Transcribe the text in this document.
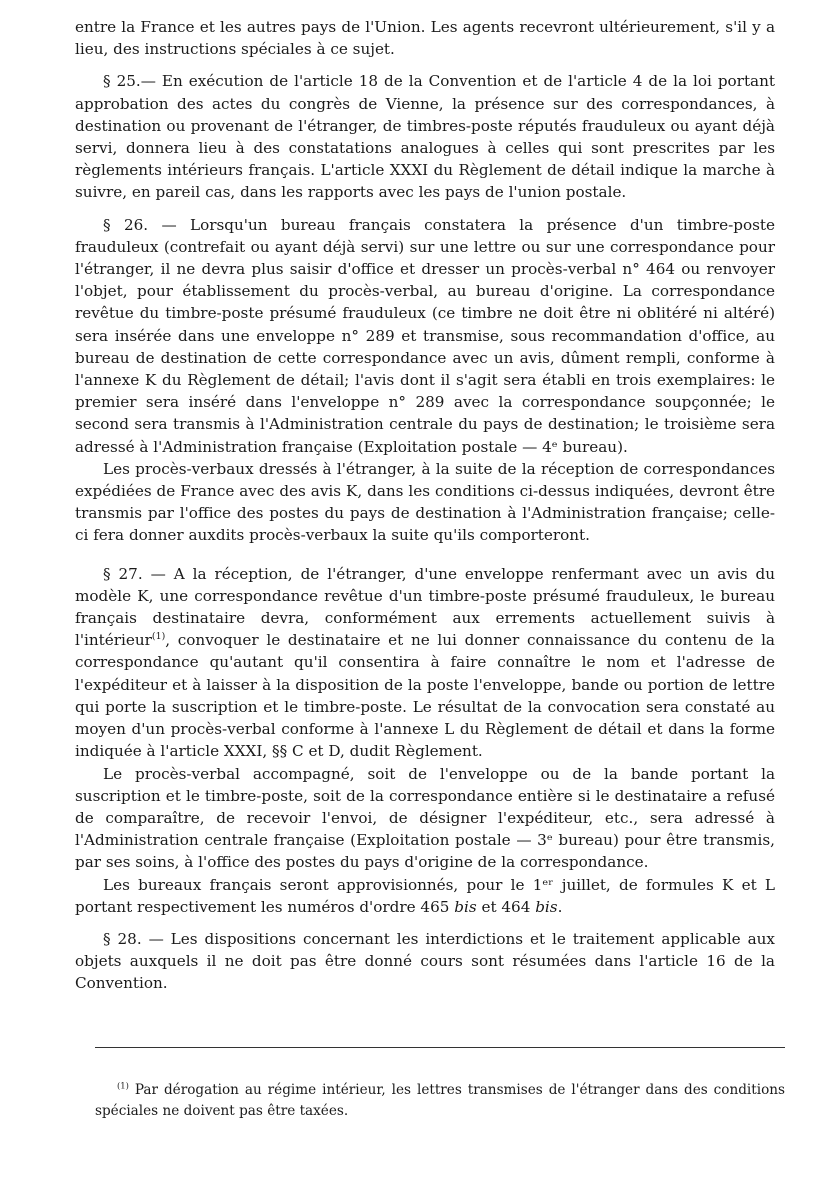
entre la France et les autres pays de l'Union. Les agents recevront ultérieurement, s'il y a lieu, des instructions spéciales à ce sujet.

§ 25.— En exécution de l'article 18 de la Convention et de l'article 4 de la loi portant approbation des actes du congrès de Vienne, la présence sur des correspondances, à destination ou provenant de l'étranger, de timbres-poste réputés frauduleux ou ayant déjà servi, donnera lieu à des constatations analogues à celles qui sont prescrites par les règlements intérieurs français. L'article XXXI du Règlement de détail indique la marche à suivre, en pareil cas, dans les rapports avec les pays de l'union postale.

§ 26. — Lorsqu'un bureau français constatera la présence d'un timbre-poste frauduleux (contrefait ou ayant déjà servi) sur une lettre ou sur une correspondance pour l'étranger, il ne devra plus saisir d'office et dresser un procès-verbal n° 464 ou renvoyer l'objet, pour établissement du procès-verbal, au bureau d'origine. La correspondance revêtue du timbre-poste présumé frauduleux (ce timbre ne doit être ni oblitéré ni altéré) sera insérée dans une enveloppe n° 289 et transmise, sous recommandation d'office, au bureau de destination de cette correspondance avec un avis, dûment rempli, conforme à l'annexe K du Règlement de détail; l'avis dont il s'agit sera établi en trois exemplaires: le premier sera inséré dans l'enveloppe n° 289 avec la correspondance soupçonnée; le second sera transmis à l'Administration centrale du pays de destination; le troisième sera adressé à l'Administration française (Exploitation postale — 4ᵉ bureau).

Les procès-verbaux dressés à l'étranger, à la suite de la réception de correspondances expédiées de France avec des avis K, dans les conditions ci-dessus indiquées, devront être transmis par l'office des postes du pays de destination à l'Administration française; celle-ci fera donner auxdits procès-verbaux la suite qu'ils comporteront.

§ 27. — A la réception, de l'étranger, d'une enveloppe renfermant avec un avis du modèle K, une correspondance revêtue d'un timbre-poste présumé frauduleux, le bureau français destinataire devra, conformément aux errements actuellement suivis à l'intérieur$^{(1)}$, convoquer le destinataire et ne lui donner connaissance du contenu de la correspondance qu'autant qu'il consentira à faire connaître le nom et l'adresse de l'expéditeur et à laisser à la disposition de la poste l'enveloppe, bande ou portion de lettre qui porte la suscription et le timbre-poste. Le résultat de la convocation sera constaté au moyen d'un procès-verbal conforme à l'annexe L du Règlement de détail et dans la forme indiquée à l'article XXXI, §§ C et D, dudit Règlement.

Le procès-verbal accompagné, soit de l'enveloppe ou de la bande portant la suscription et le timbre-poste, soit de la correspondance entière si le destinataire a refusé de comparaître, de recevoir l'envoi, de désigner l'expéditeur, etc., sera adressé à l'Administration centrale française (Exploitation postale — 3ᵉ bureau) pour être transmis, par ses soins, à l'office des postes du pays d'origine de la correspondance.

Les bureaux français seront approvisionnés, pour le 1ᵉʳ juillet, de formules K et L portant respectivement les numéros d'ordre 465 bis et 464 bis.

§ 28. — Les dispositions concernant les interdictions et le traitement applicable aux objets auxquels il ne doit pas être donné cours sont résumées dans l'article 16 de la Convention.

$^{(1)}$ Par dérogation au régime intérieur, les lettres transmises de l'étranger dans des conditions spéciales ne doivent pas être taxées.
